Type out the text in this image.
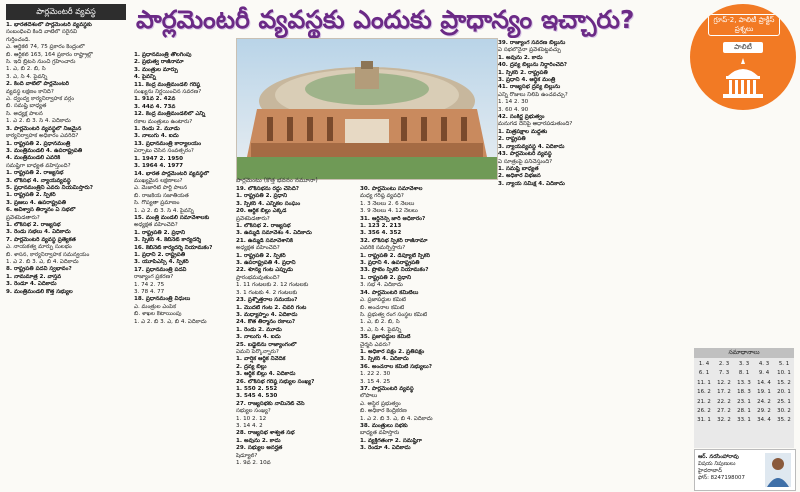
పార్లమెంటరీ వ్యవస్థ	పార్లమెంటరీ వ్యవస్థకు ఎందుకు ప్రాధాన్యం ఇచ్చారు?	గ్రూప్-2, పాలిటీ ప్రాక్టీస్ ప్రశ్నలు
పాలిటీ
1. భారతదేశంలో పార్లమెంటరీ వ్యవస్థకు
సంబంధించి కింది వాటిలో సరైనవి
గుర్తించండి.
ఎ. ఆర్టికల్ 74, 75 ప్రకారం కేంద్రంలో
బి. ఆర్టికల్ 163, 164 ప్రకారం రాష్ట్రాల్లో
సి. ఇది బ్రిటన్ నుంచి గ్రహించారు
1. ఎ, బి 2. బి, సి
3. ఎ, సి 4. పైవన్నీ
2. కింది వాటిలో పార్లమెంటరీ
వ్యవస్థ లక్షణం కానిది?
ఎ. ద్వంద్వ కార్యనిర్వాహక వర్గం
బి. సమష్టి బాధ్యత
సి. అధ్యక్ష పాలన
1. ఎ 2. బి 3. సి 4. ఏదీకాదు
3. పార్లమెంటరీ వ్యవస్థలో నిజమైన
కార్యనిర్వాహక అధికారం ఎవరిది?
1. రాష్ట్రపతి 2. ప్రధానమంత్రి
3. మంత్రిమండలి 4. ఉపరాష్ట్రపతి
4. మంత్రిమండలి ఎవరికి
సమష్టిగా బాధ్యత వహిస్తుంది?
1. రాష్ట్రపతి 2. రాజ్యసభ
3. లోక్‌సభ 4. న్యాయవ్యవస్థ
5. ప్రధానమంత్రిని ఎవరు నియమిస్తారు?
1. రాష్ట్రపతి 2. స్పీకర్
3. ప్రజలు 4. ఉపరాష్ట్రపతి
6. అవిశ్వాస తీర్మానం ఏ సభలో
ప్రవేశపెడతారు?
1. లోక్‌సభ 2. రాజ్యసభ
3. రెండు సభలు 4. ఏదీకాదు
7. పార్లమెంటరీ వ్యవస్థ ప్రత్యేకత
ఎ. నాయకత్వ మార్పు సులభం
బి. శాసన, కార్యనిర్వాహక సమన్వయం
1. ఎ 2. బి 3. ఎ, బి 4. ఏదీకాదు
8. రాష్ట్రపతి పదవి స్వభావం?
1. నామమాత్ర 2. వాస్తవ
3. రెండూ 4. ఏదీకాదు
9. మంత్రిమండలి కొత్త సభ్యుల
1. ప్రధానమంత్రి తొలగింపు
2. ప్రభుత్వ రాజీనామా
3. మంత్రుల మార్పు
4. పైవన్నీ
11. కేంద్ర మంత్రిమండలి గరిష్ఠ
సంఖ్యను నిర్ణయించిన సవరణ?
1. 91వ 2. 42వ
3. 44వ 4. 73వ
12. కేంద్ర మంత్రిమండలిలో ఎన్ని
రకాల మంత్రులు ఉంటారు?
1. రెండు 2. మూడు
3. నాలుగు 4. ఐదు
13. ప్రధానమంత్రి కార్యాలయం
ఏర్పాటు చేసిన సంవత్సరం?
1. 1947 2. 1950
3. 1964 4. 1977
14. భారత పార్లమెంటరీ వ్యవస్థలో
ముఖ్యమైన లక్షణాలు?
ఎ. మెజారిటీ పార్టీ పాలన
బి. రాజకీయ సజాతీయత
సి. గోప్యతా ప్రమాణం
1. ఎ 2. బి 3. సి 4. పైవన్నీ
15. మంత్రి మండలి సమావేశాలకు
అధ్యక్షత వహించేది?
1. రాష్ట్రపతి 2. ప్రధాని
3. స్పీకర్ 4. కేబినెట్ కార్యదర్శి
16. కేబినెట్ కార్యదర్శి నియామకం?
1. ప్రధాని 2. రాష్ట్రపతి
3. యూపీఎస్సీ 4. స్పీకర్
17. ప్రధానమంత్రి పదవి
రాజ్యాంగ ప్రకరణ?
1. 74 2. 75
3. 78 4. 77
18. ప్రధానమంత్రి విధులు
ఎ. మంత్రుల ఎంపిక
బి. శాఖల కేటాయింపు
1. ఎ 2. బి 3. ఎ, బి 4. ఏదీకాదు
19. లోక్‌సభను రద్దు చేసేది?
1. రాష్ట్రపతి 2. ప్రధాని
3. స్పీకర్ 4. ఎన్నికల సంఘం
20. ఆర్థిక బిల్లు ఎక్కడ
ప్రవేశపెడతారు?
1. లోక్‌సభ 2. రాజ్యసభ
3. ఉమ్మడి సమావేశం 4. ఏదీకాదు
21. ఉమ్మడి సమావేశానికి
అధ్యక్షత వహించేది?
1. రాష్ట్రపతి 2. స్పీకర్
3. ఉపరాష్ట్రపతి 4. ప్రధాని
22. శూన్య గంట ఎప్పుడు
ప్రారంభమవుతుంది?
1. 11 గంటలకు 2. 12 గంటలకు
3. 1 గంటకు 4. 2 గంటలకు
23. ప్రశ్నోత్తరాల సమయం?
1. మొదటి గంట 2. చివరి గంట
3. మధ్యాహ్నం 4. ఏదీకాదు
24. కోత తీర్మానం రకాలు?
1. రెండు 2. మూడు
3. నాలుగు 4. ఐదు
25. బడ్జెట్‌ను రాజ్యాంగంలో
ఏమని పేర్కొన్నారు?
1. వార్షిక ఆర్థిక నివేదిక
2. ద్రవ్య బిల్లు
3. ఆర్థిక బిల్లు 4. ఏదీకాదు
26. లోక్‌సభ గరిష్ఠ సభ్యుల సంఖ్య?
1. 550 2. 552
3. 545 4. 530
27. రాజ్యసభకు నామినేట్ చేసే
సభ్యుల సంఖ్య?
1. 10 2. 12
3. 14 4. 2
28. రాజ్యసభ శాశ్వత సభ
1. అవును 2. కాదు
29. సభ్యుల అనర్హత
షెడ్యూల్?
1. 9వ 2. 10వ
30. పార్లమెంటు సమావేశాల
మధ్య గరిష్ఠ వ్యవధి?
1. 3 నెలలు 2. 6 నెలలు
3. 9 నెలలు 4. 12 నెలలు
31. ఆర్డినెన్స్ జారీ అధికారం?
1. 123 2. 213
3. 356 4. 352
32. లోక్‌సభ స్పీకర్ రాజీనామా
ఎవరికి సమర్పిస్తారు?
1. రాష్ట్రపతి 2. డిప్యూటీ స్పీకర్
3. ప్రధాని 4. ఉపరాష్ట్రపతి
33. ప్రొటెం స్పీకర్ నియామకం?
1. రాష్ట్రపతి 2. ప్రధాని
3. సభ 4. ఏదీకాదు
34. పార్లమెంటరీ కమిటీలు
ఎ. ప్రజాపద్దుల కమిటీ
బి. అంచనాల కమిటీ
సి. ప్రభుత్వ రంగ సంస్థల కమిటీ
1. ఎ, బి 2. బి, సి
3. ఎ, సి 4. పైవన్నీ
35. ప్రజాపద్దుల కమిటీ
చైర్మన్ ఎవరు?
1. అధికార పక్షం 2. ప్రతిపక్షం
3. స్పీకర్ 4. ఏదీకాదు
36. అంచనాల కమిటీ సభ్యులు?
1. 22 2. 30
3. 15 4. 25
37. పార్లమెంటరీ వ్యవస్థ
లోపాలు
ఎ. అస్థిర ప్రభుత్వం
బి. అధికార కేంద్రీకరణ
1. ఎ 2. బి 3. ఎ, బి 4. ఏదీకాదు
38. మంత్రులు సభకు
బాధ్యత వహిస్తారు
1. వ్యక్తిగతంగా 2. సమష్టిగా
3. రెండూ 4. ఏదీకాదు
39. రాజ్యాంగ సవరణ బిల్లును
ఏ సభలోనైనా ప్రవేశపెట్టవచ్చు
1. అవును 2. కాదు
40. ద్రవ్య బిల్లును నిర్ధారించేది?
1. స్పీకర్ 2. రాష్ట్రపతి
3. ప్రధాని 4. ఆర్థిక మంత్రి
41. రాజ్యసభ ద్రవ్య బిల్లును
ఎన్ని రోజులు నిలిపి ఉంచవచ్చు?
1. 14 2. 30
3. 60 4. 90
42. సంకీర్ణ ప్రభుత్వం
మనుగడ దేనిపై ఆధారపడుతుంది?
1. మిత్రపక్షాల మద్దతు
2. రాష్ట్రపతి
3. న్యాయవ్యవస్థ 4. ఏదీకాదు
43. పార్లమెంటరీ వ్యవస్థ
ఏ సూత్రంపై పనిచేస్తుంది?
1. సమష్టి బాధ్యత
2. అధికార విభజన
3. న్యాయ సమీక్ష 4. ఏదీకాదు
పార్లమెంటు (కొత్త భవనం నమూనా)
సమాధానాలు
1. 4	2. 3	3. 3	4. 3	5. 1
6. 1	7. 3	8. 1	9. 4	10. 1
11. 1	12. 2	13. 3	14. 4	15. 2
16. 2	17. 2	18. 3	19. 1	20. 1
21. 2	22. 2	23. 1	24. 2	25. 1
26. 2	27. 2	28. 1	29. 2	30. 2
31. 1	32. 2	33. 1	34. 4	35. 2
ఆర్. నరసింహారావు
విషయ నిపుణులు
హైదరాబాద్
ఫోన్: 8247198007
